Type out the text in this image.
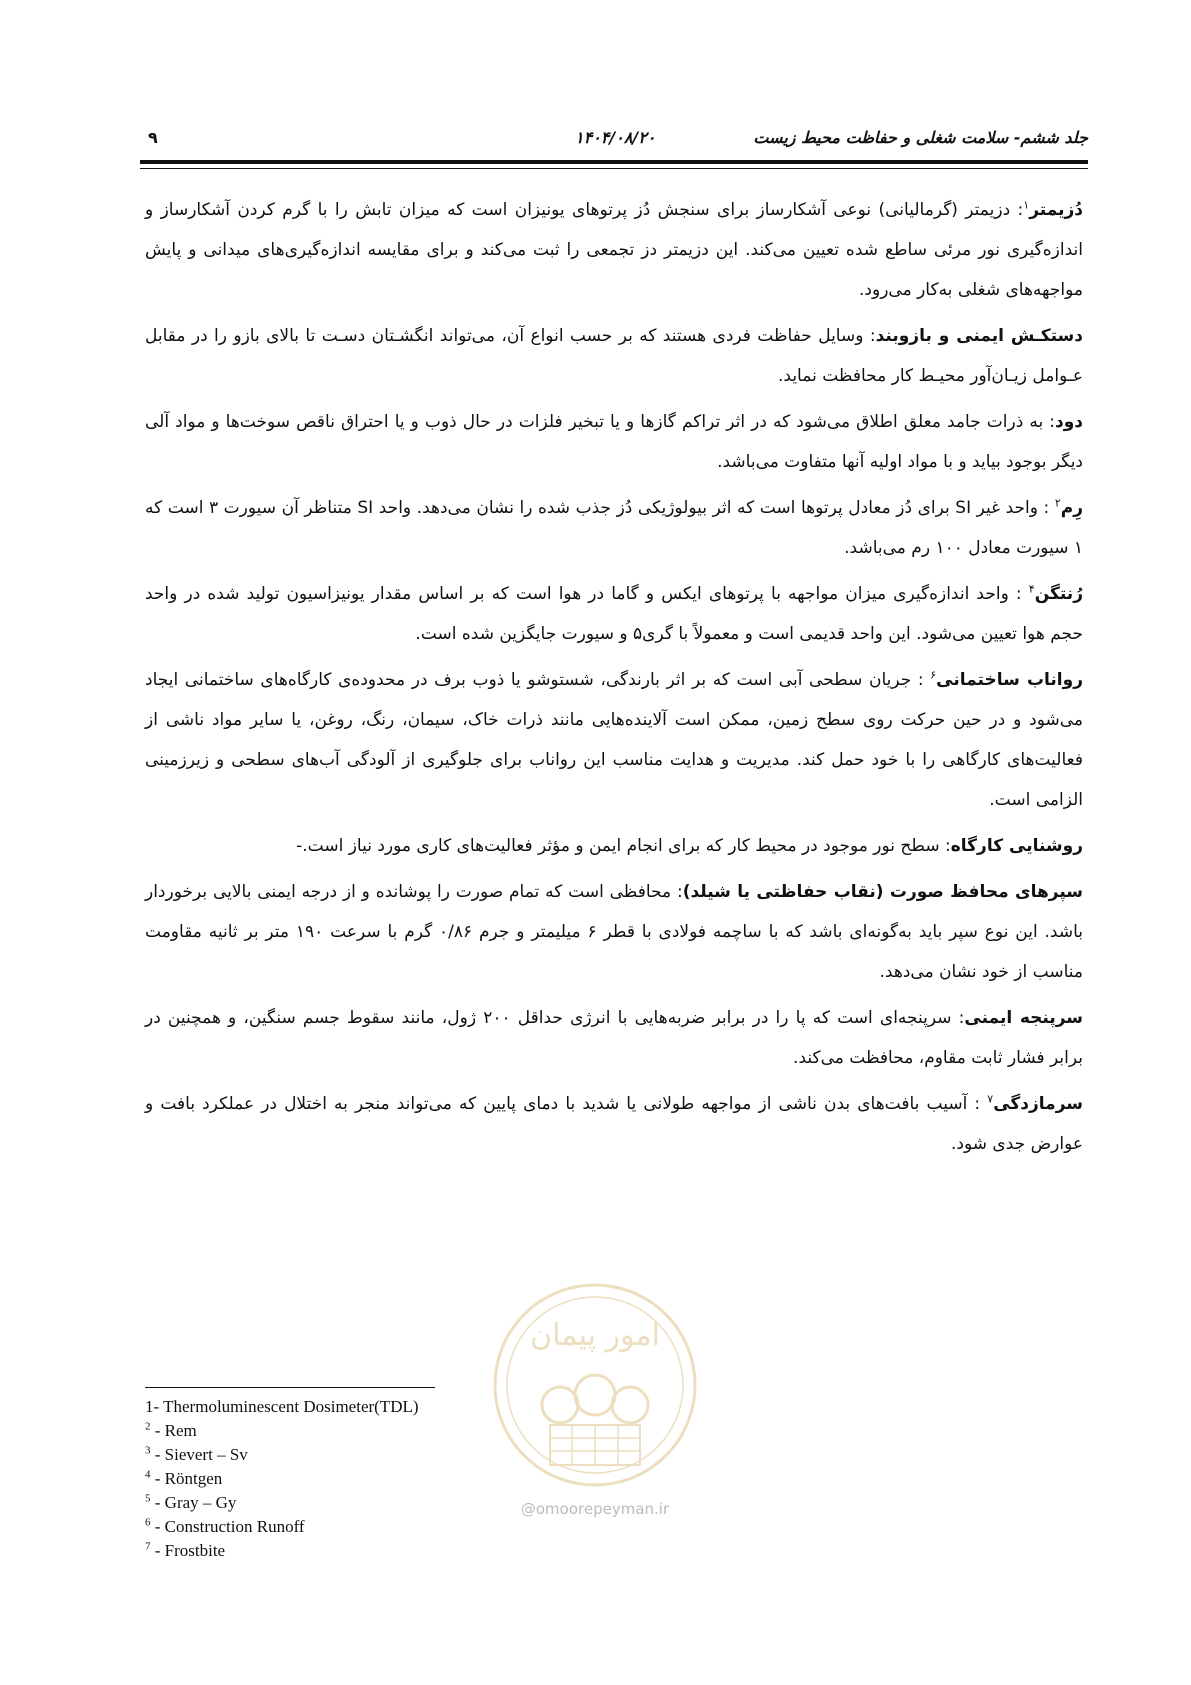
جلد ششم- سلامت شغلی و حفاظت محیط زیست
۱۴۰۴/۰۸/۲۰
۹

دُزیمتر$^۱$: دزیمتر (گرمالیانی) نوعی آشکارساز برای سنجش دُز پرتوهای یونیزان است که میزان تابش را با گرم کردن آشکارساز و اندازه‌گیری نور مرئی ساطع شده تعیین می‌کند. این دزیمتر دز تجمعی را ثبت می‌کند و برای مقایسه اندازه‌گیری‌های میدانی و پایش مواجهه‌های شغلی به‌کار می‌رود.

دستکـش ایمنی و بازوبند: وسایل حفاظت فردی هستند که بر حسب انواع آن، می‌تواند انگشـتان دسـت تا بالای بازو را در مقابل عـوامل زیـان‌آور محیـط کار محافظت نماید.

دود: به ذرات جامد معلق اطلاق می‌شود که در اثر تراکم گازها و یا تبخیر فلزات در حال ذوب و یا احتراق ناقص سوخت‌ها و مواد آلی دیگر بوجود بیاید و با مواد اولیه آنها متفاوت می‌باشد.

رِم$^۲$ : واحد غیر SI برای دُز معادل پرتوها است که اثر بیولوژیکی دُز جذب شده را نشان می‌دهد. واحد SI متناظر آن سیورت ۳ است که ۱ سیورت معادل ۱۰۰ رم می‌باشد.

رُنتگن$^۴$ : واحد اندازه‌گیری میزان مواجهه با پرتوهای ایکس و گاما در هوا است که بر اساس مقدار یونیزاسیون تولید شده در واحد حجم هوا تعیین می‌شود. این واحد قدیمی است و معمولاً با گری۵ و سیورت جایگزین شده است.

رواناب ساختمانی$^۶$ : جریان سطحی آبی است که بر اثر بارندگی، شستوشو یا ذوب برف در محدوده‌ی کارگاه‌های ساختمانی ایجاد می‌شود و در حین حرکت روی سطح زمین، ممکن است آلاینده‌هایی مانند ذرات خاک، سیمان، رنگ، روغن، یا سایر مواد ناشی از فعالیت‌های کارگاهی را با خود حمل کند. مدیریت و هدایت مناسب این رواناب برای جلوگیری از آلودگی آب‌های سطحی و زیرزمینی الزامی است.

روشنایی کارگاه: سطح نور موجود در محیط کار که برای انجام ایمن و مؤثر فعالیت‌های کاری مورد نیاز است.-

سپرهای محافظ صورت (نقاب حفاظتی یا شیلد): محافظی است که تمام صورت را پوشانده و از درجه ایمنی بالایی برخوردار باشد. این نوع سپر باید به‌گونه‌ای باشد که با ساچمه فولادی با قطر ۶ میلیمتر و جرم ۰/۸۶ گرم با سرعت ۱۹۰ متر بر ثانیه مقاومت مناسب از خود نشان می‌دهد.

سرپنجه ایمنی: سرپنجه‌ای است که پا را در برابر ضربه‌هایی با انرژی حداقل ۲۰۰ ژول، مانند سقوط جسم سنگین، و همچنین در برابر فشار ثابت مقاوم، محافظت می‌کند.

سرمازدگی$^۷$ : آسیب بافت‌های بدن ناشی از مواجهه طولانی یا شدید با دمای پایین که می‌تواند منجر به اختلال در عملکرد بافت و عوارض جدی شود.

امور پیمان
@omoorepeyman.ir
1- Thermoluminescent Dosimeter(TDL)
$^2$ - Rem
$^3$ - Sievert – Sv
$^4$ - Röntgen
$^5$ - Gray – Gy
$^6$ - Construction Runoff
$^7$ - Frostbite
